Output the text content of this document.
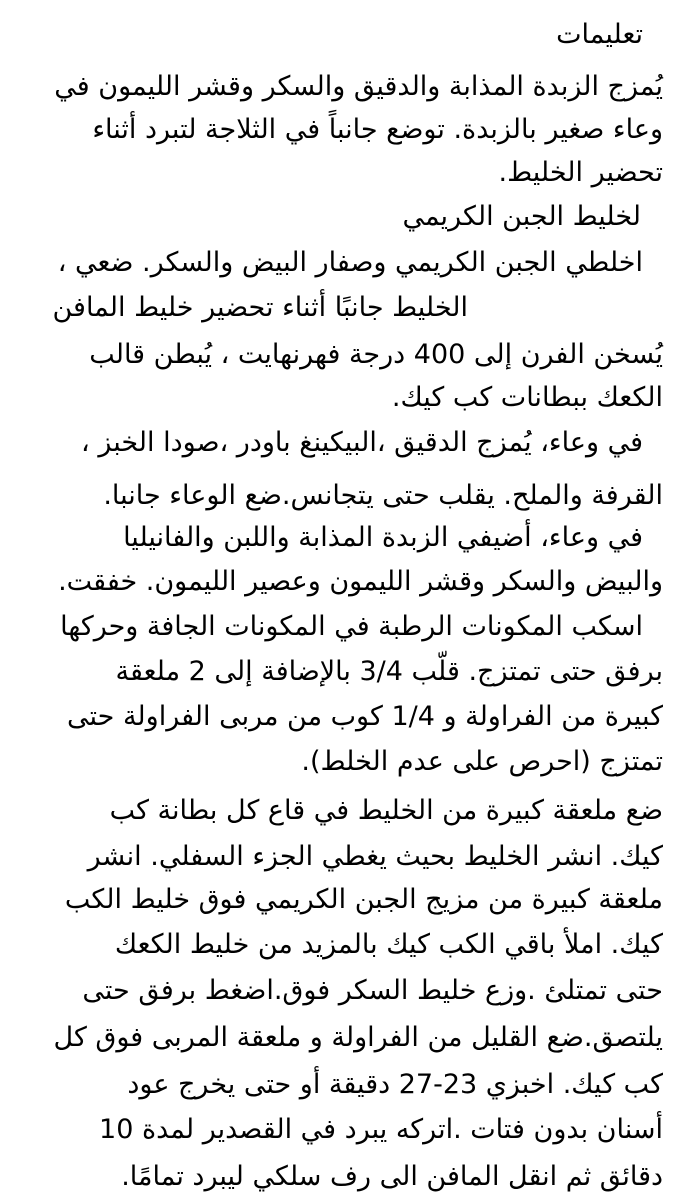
تعليمات
يُمزج الزبدة المذابة والدقيق والسكر وقشر الليمون في
وعاء صغير بالزبدة. توضع جانباً في الثلاجة لتبرد أثناء
تحضير الخليط.
لخليط الجبن الكريمي
اخلطي الجبن الكريمي وصفار البيض والسكر. ضعي ،
الخليط جانبًا أثناء تحضير خليط المافن
يُسخن الفرن إلى 400 درجة فهرنهايت ، يُبطن قالب
الكعك ببطانات كب كيك.
في وعاء، يُمزج الدقيق ،البيكينغ باودر ،صودا الخبز ،
القرفة والملح. يقلب حتى يتجانس.ضع الوعاء جانبا.
في وعاء، أضيفي الزبدة المذابة واللبن والفانيليا
والبيض والسكر وقشر الليمون وعصير الليمون. خفقت.
اسكب المكونات الرطبة في المكونات الجافة وحركها
برفق حتى تمتزج. قلّب 3/4 بالإضافة إلى 2 ملعقة
كبيرة من الفراولة و 1/4 كوب من مربى الفراولة حتى
تمتزج (احرص على عدم الخلط).
ضع ملعقة كبيرة من الخليط في قاع كل بطانة كب
كيك. انشر الخليط بحيث يغطي الجزء السفلي. انشر
ملعقة كبيرة من مزيج الجبن الكريمي فوق خليط الكب
كيك. املأ باقي الكب كيك بالمزيد من خليط الكعك
حتى تمتلئ .وزع خليط السكر فوق.اضغط برفق حتى
يلتصق.ضع القليل من الفراولة و ملعقة المربى فوق كل
كب كيك. اخبزي 23-27 دقيقة أو حتى يخرج عود
أسنان بدون فتات .اتركه يبرد في القصدير لمدة 10
دقائق ثم انقل المافن الى رف سلكي ليبرد تمامًا.
